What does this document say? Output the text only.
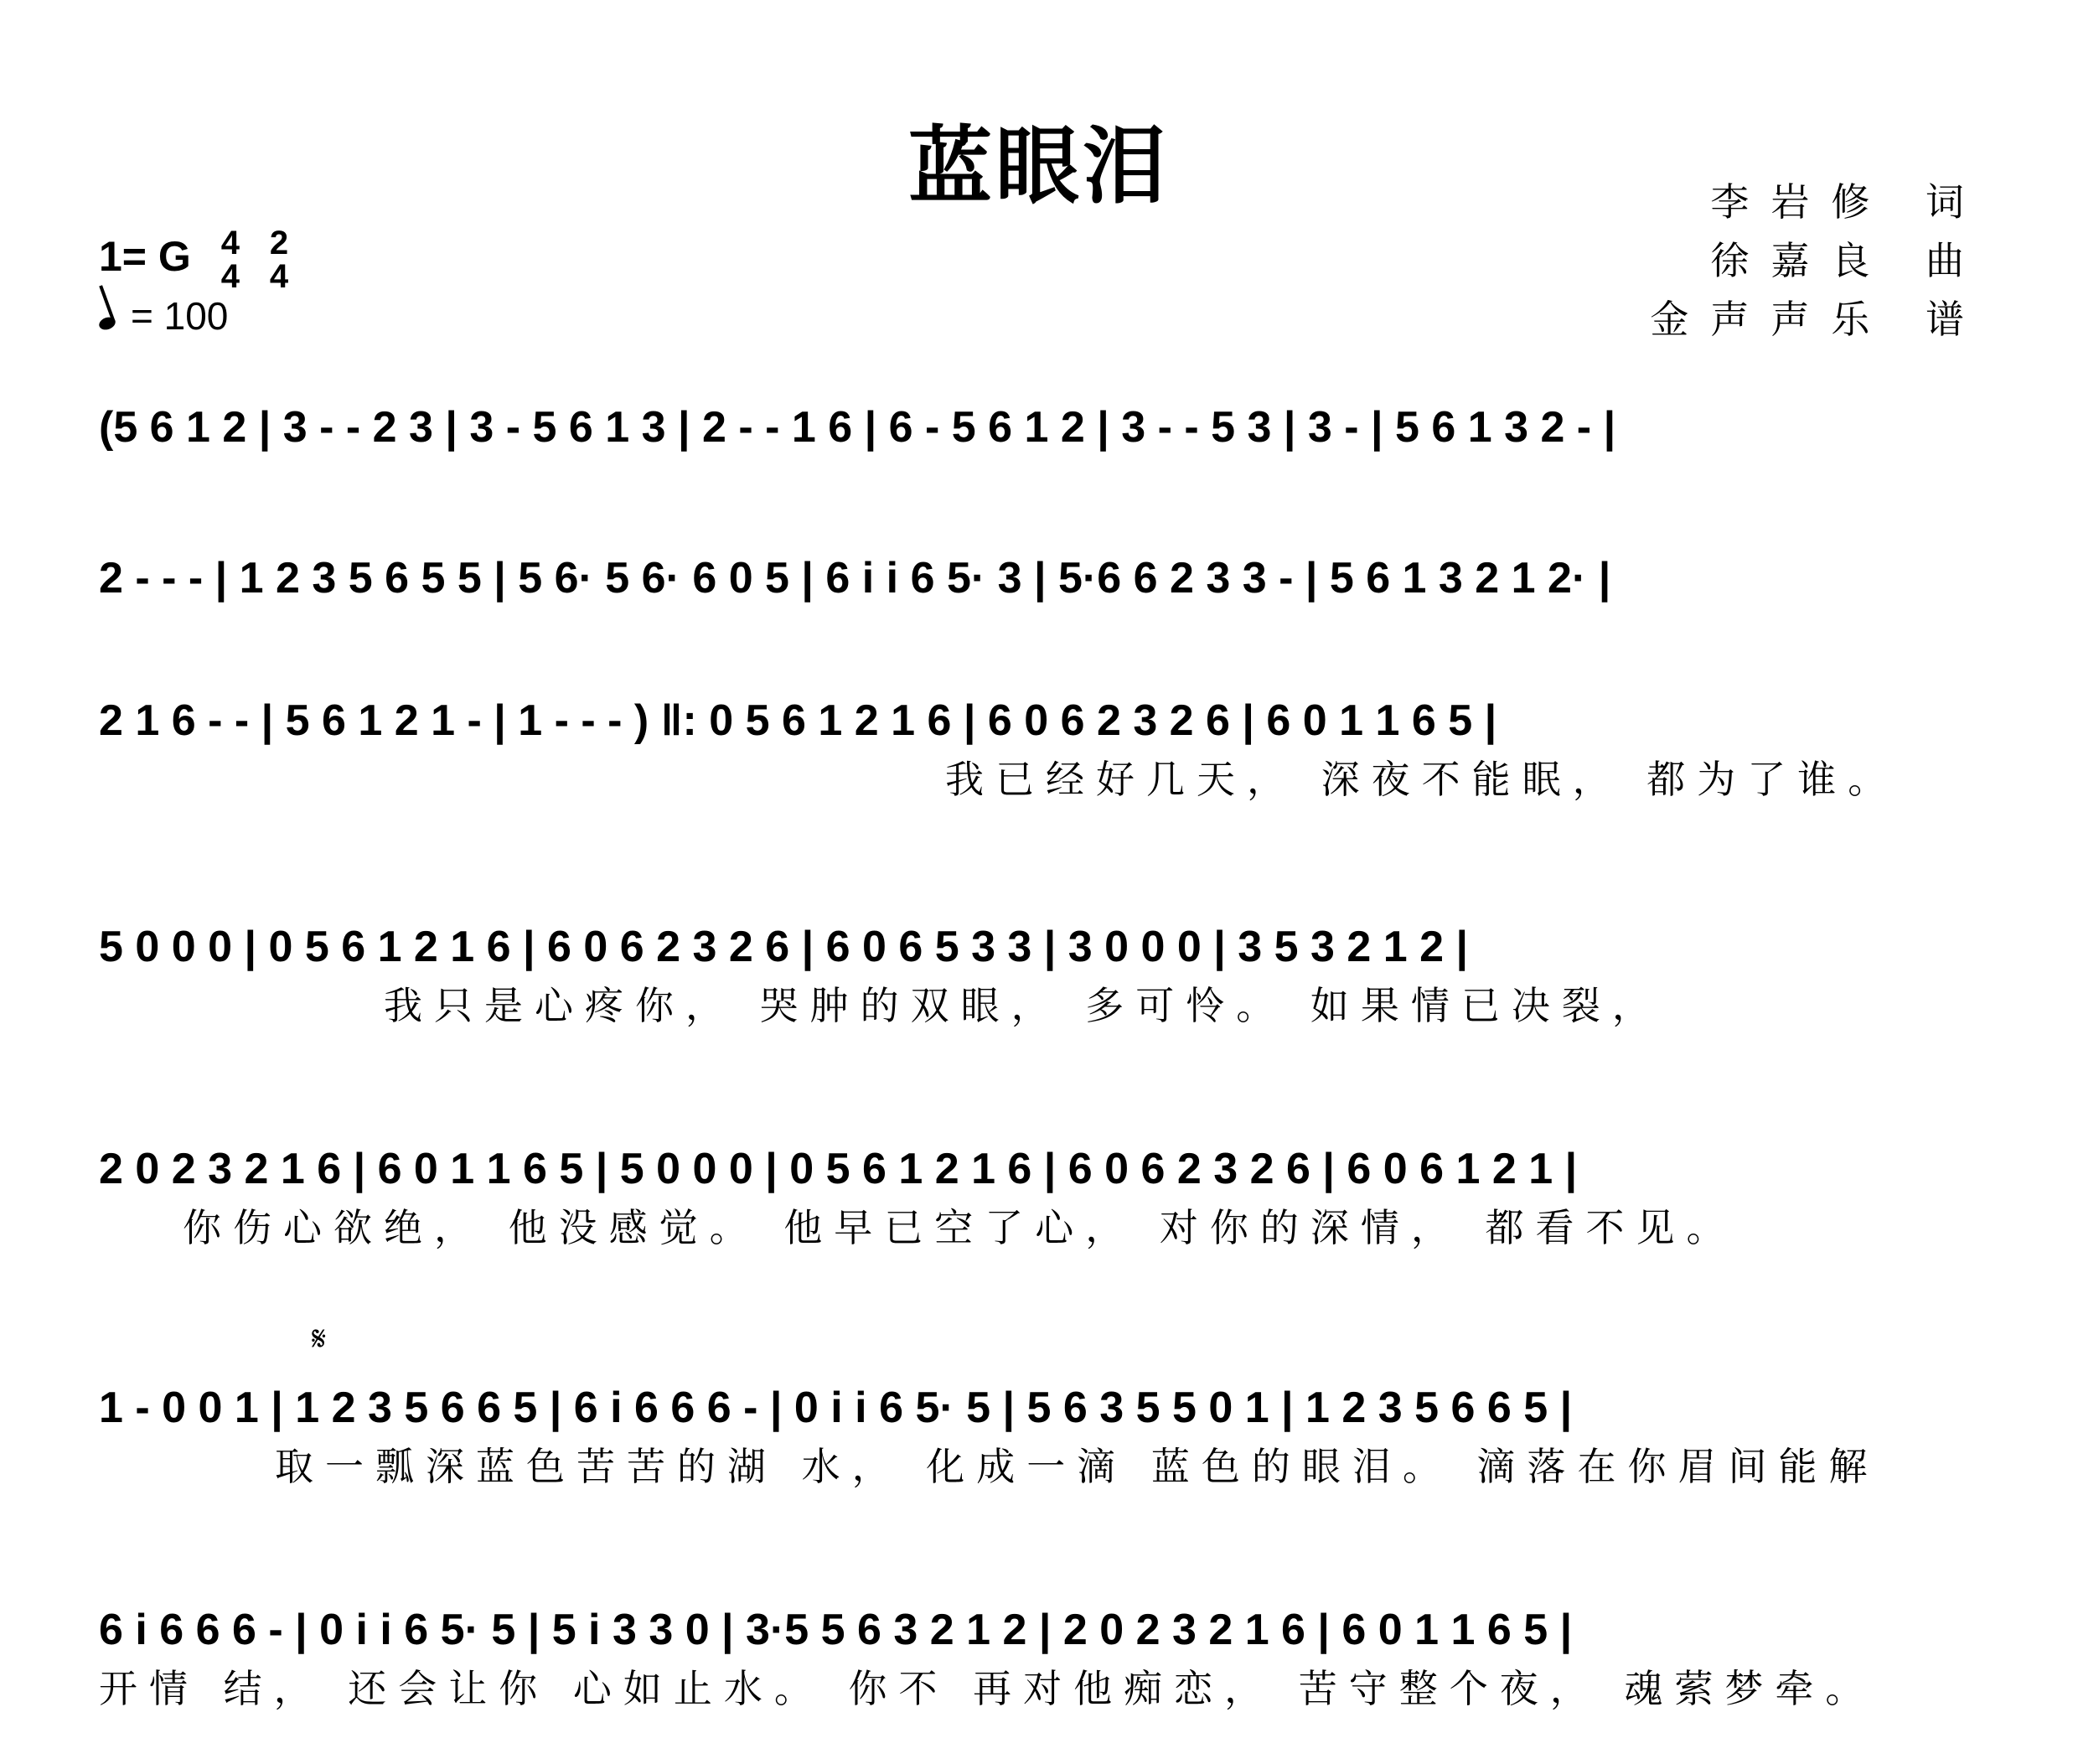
蓝眼泪	李岩修 词
徐嘉良 曲
金声声乐 谱
1= G 4
4

2
4
= 100
(5 6 1 2 | 3 - - 2 3 | 3 - 5 6 1 3 | 2 - - 1 6 | 6 - 5 6 1 2 | 3 - - 5 3 | 3 - | 5 6 1 3 2 - |
2 - - - | 1 2 3 5 6 5 5 | 5 6· 5 6· 6 0 5 | 6 i i 6 5· 3 | 5·6 6 2 3 3 - | 5 6 1 3 2 1 2· |
2 1 6 - - | 5 6 1 2 1 - | 1 - - - ) ‖: 0 5 6 1 2 1 6 | 6 0 6 2 3 2 6 | 6 0 1 1 6 5 |
我已经好几天， 深夜不能眠， 都为了谁。
5 0 0 0 | 0 5 6 1 2 1 6 | 6 0 6 2 3 2 6 | 6 0 6 5 3 3 | 3 0 0 0 | 3 5 3 2 1 2 |
我只是心疼你， 哭肿的双眼， 多可怜。 如果情已决裂，
2 0 2 3 2 1 6 | 6 0 1 1 6 5 | 5 0 0 0 | 0 5 6 1 2 1 6 | 6 0 6 2 3 2 6 | 6 0 6 1 2 1 |
你伤心欲绝， 他没感觉。 他早已空了心， 对你的深情， 都看不见。
𝄋
1 - 0 0 1 | 1 2 3 5 6 6 5 | 6 i 6 6 6 - | 0 i i 6 5· 5 | 5 6 3 5 5 0 1 | 1 2 3 5 6 6 5 |
取一瓢深蓝色苦苦的湖 水， 化成一滴 蓝色的眼泪。 滴落在你眉间能解
6 i 6 6 6 - | 0 i i 6 5· 5 | 5 i 3 3 0 | 3·5 5 6 3 2 1 2 | 2 0 2 3 2 1 6 | 6 0 1 1 6 5 |
开情 结， 还会让你 心如止水。 你不 再对他痴恋， 苦守整个夜， 魂萦梦牵。
